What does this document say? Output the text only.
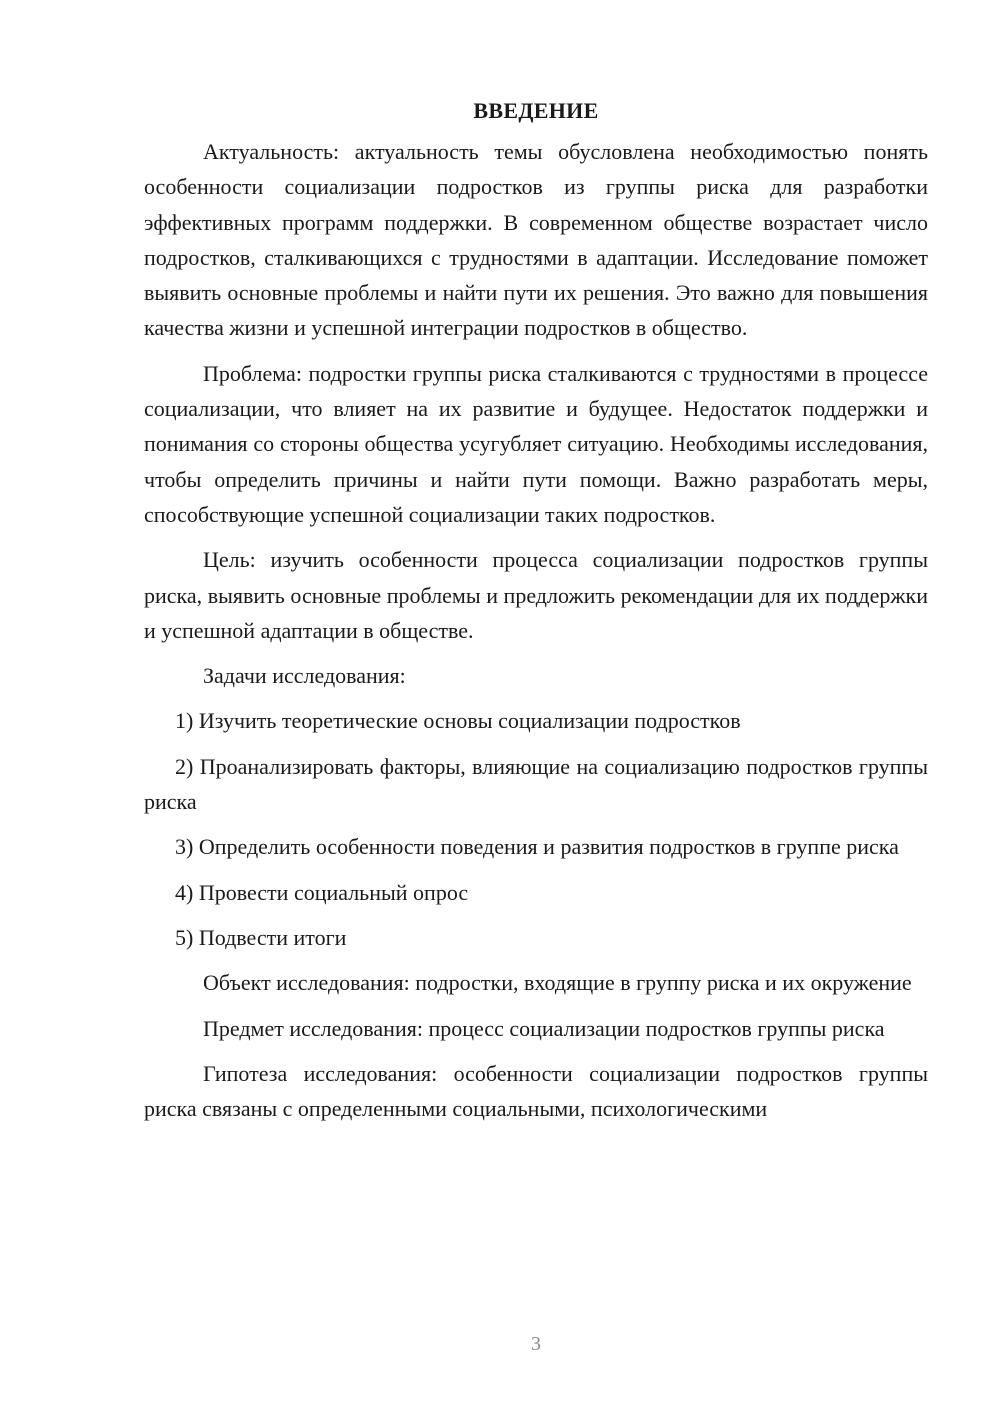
ВВЕДЕНИЕ

Актуальность: актуальность темы обусловлена необходимостью понять особенности социализации подростков из группы риска для разработки эффективных программ поддержки. В современном обществе возрастает число подростков, сталкивающихся с трудностями в адаптации. Исследование поможет выявить основные проблемы и найти пути их решения. Это важно для повышения качества жизни и успешной интеграции подростков в общество.

Проблема: подростки группы риска сталкиваются с трудностями в процессе социализации, что влияет на их развитие и будущее. Недостаток поддержки и понимания со стороны общества усугубляет ситуацию. Необходимы исследования, чтобы определить причины и найти пути помощи. Важно разработать меры, способствующие успешной социализации таких подростков.

Цель: изучить особенности процесса социализации подростков группы риска, выявить основные проблемы и предложить рекомендации для их поддержки и успешной адаптации в обществе.

Задачи исследования:

1) Изучить теоретические основы социализации подростков

2) Проанализировать факторы, влияющие на социализацию подростков группы риска

3) Определить особенности поведения и развития подростков в группе риска

4) Провести социальный опрос

5) Подвести итоги

Объект исследования: подростки, входящие в группу риска и их окружение

Предмет исследования: процесс социализации подростков группы риска

Гипотеза исследования: особенности социализации подростков группы риска связаны с определенными социальными, психологическими

3
